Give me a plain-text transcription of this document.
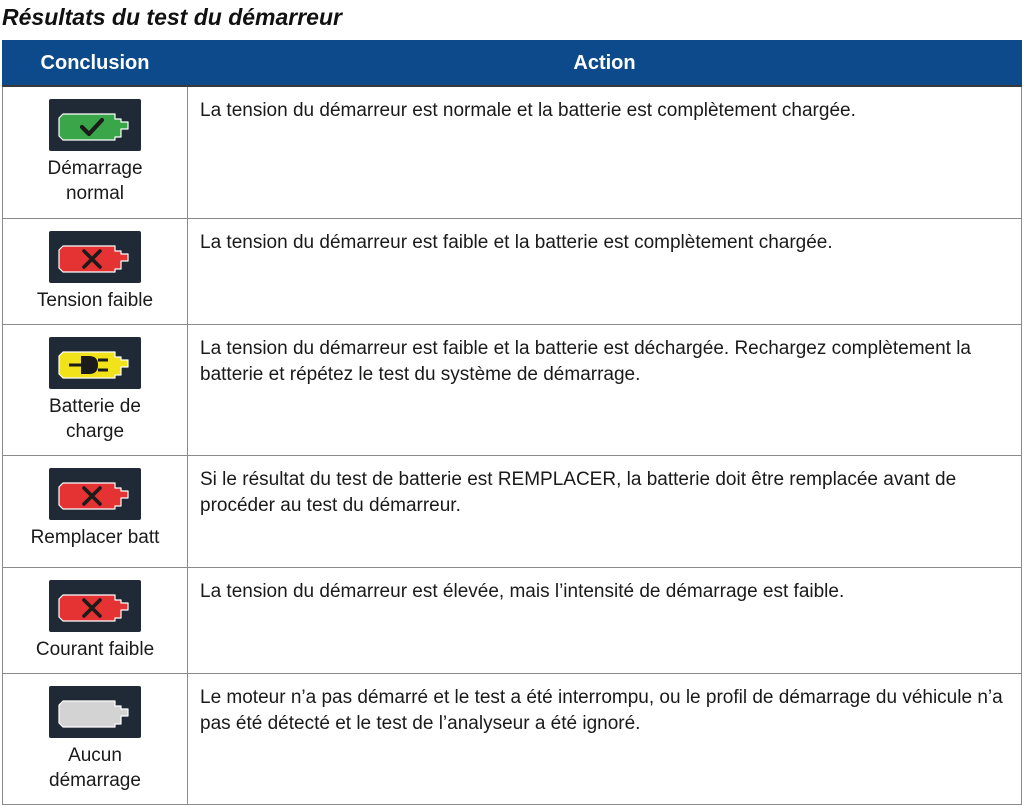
Résultats du test du démarreur
Conclusion	Action

Démarrage
normal	La tension du démarreur est normale et la batterie est complètement chargée.

Tension faible	La tension du démarreur est faible et la batterie est complètement chargée.

Batterie de
charge	La tension du démarreur est faible et la batterie est déchargée. Rechargez complètement la batterie et répétez le test du système de démarrage.

Remplacer batt	Si le résultat du test de batterie est REMPLACER, la batterie doit être remplacée avant de procéder au test du démarreur.

Courant faible	La tension du démarreur est élevée, mais l’intensité de démarrage est faible.

Aucun
démarrage	Le moteur n’a pas démarré et le test a été interrompu, ou le profil de démarrage du véhicule n’a pas été détecté et le test de l’analyseur a été ignoré.
